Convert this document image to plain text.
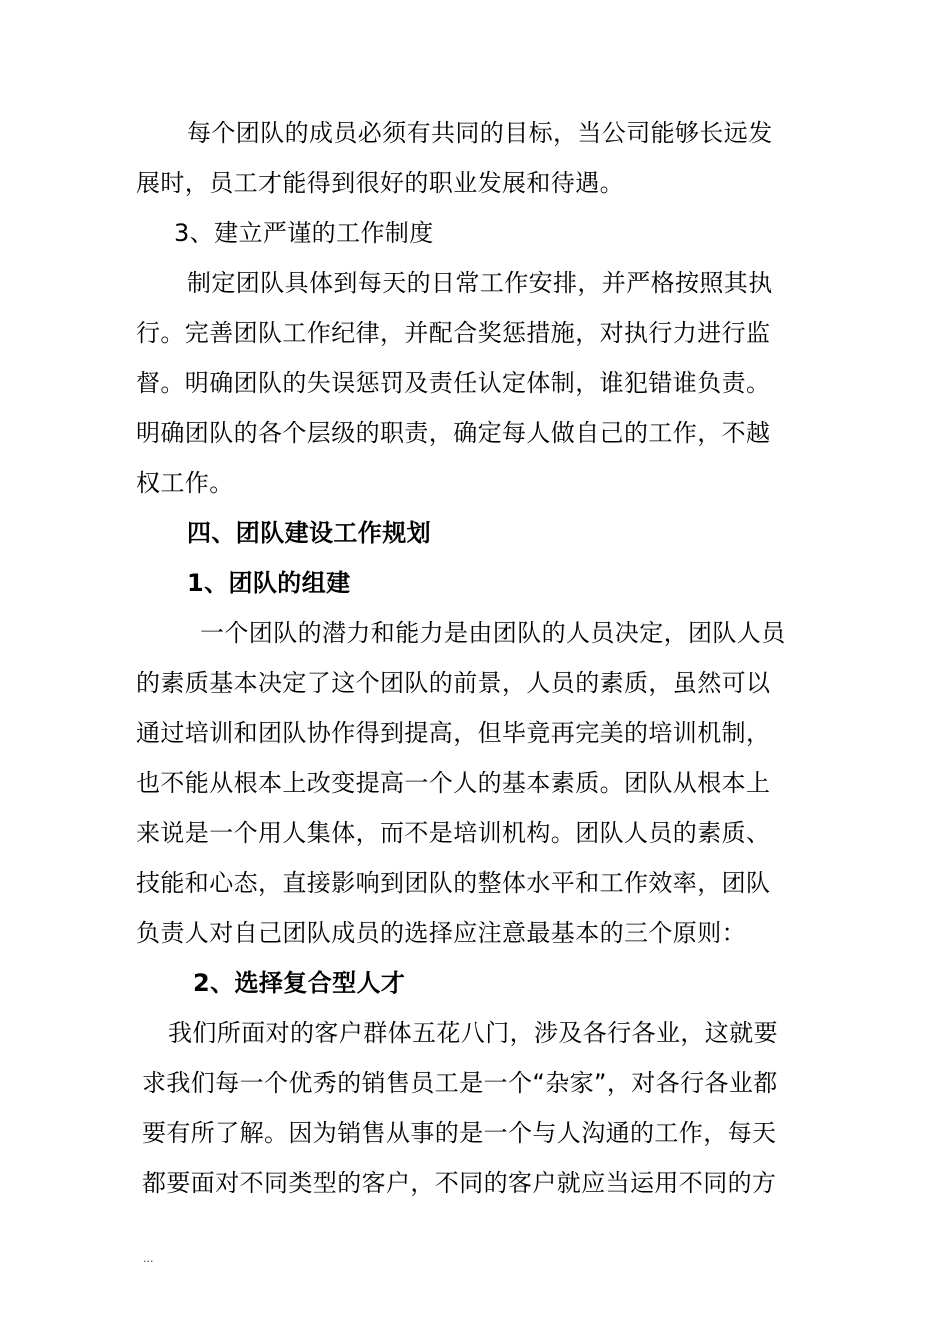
每个团队的成员必须有共同的目标，当公司能够长远发
展时，员工才能得到很好的职业发展和待遇。
3、建立严谨的工作制度
制定团队具体到每天的日常工作安排，并严格按照其执
行。完善团队工作纪律，并配合奖惩措施，对执行力进行监
督。明确团队的失误惩罚及责任认定体制，谁犯错谁负责。
明确团队的各个层级的职责，确定每人做自己的工作，不越
权工作。
四、团队建设工作规划
1、团队的组建
一个团队的潜力和能力是由团队的人员决定，团队人员
的素质基本决定了这个团队的前景，人员的素质，虽然可以
通过培训和团队协作得到提高，但毕竟再完美的培训机制，
也不能从根本上改变提高一个人的基本素质。团队从根本上
来说是一个用人集体，而不是培训机构。团队人员的素质、
技能和心态，直接影响到团队的整体水平和工作效率，团队
负责人对自己团队成员的选择应注意最基本的三个原则：
2、选择复合型人才
我们所面对的客户群体五花八门，涉及各行各业，这就要
求我们每一个优秀的销售员工是一个“杂家”，对各行各业都
要有所了解。因为销售从事的是一个与人沟通的工作，每天
都要面对不同类型的客户，不同的客户就应当运用不同的方
...
